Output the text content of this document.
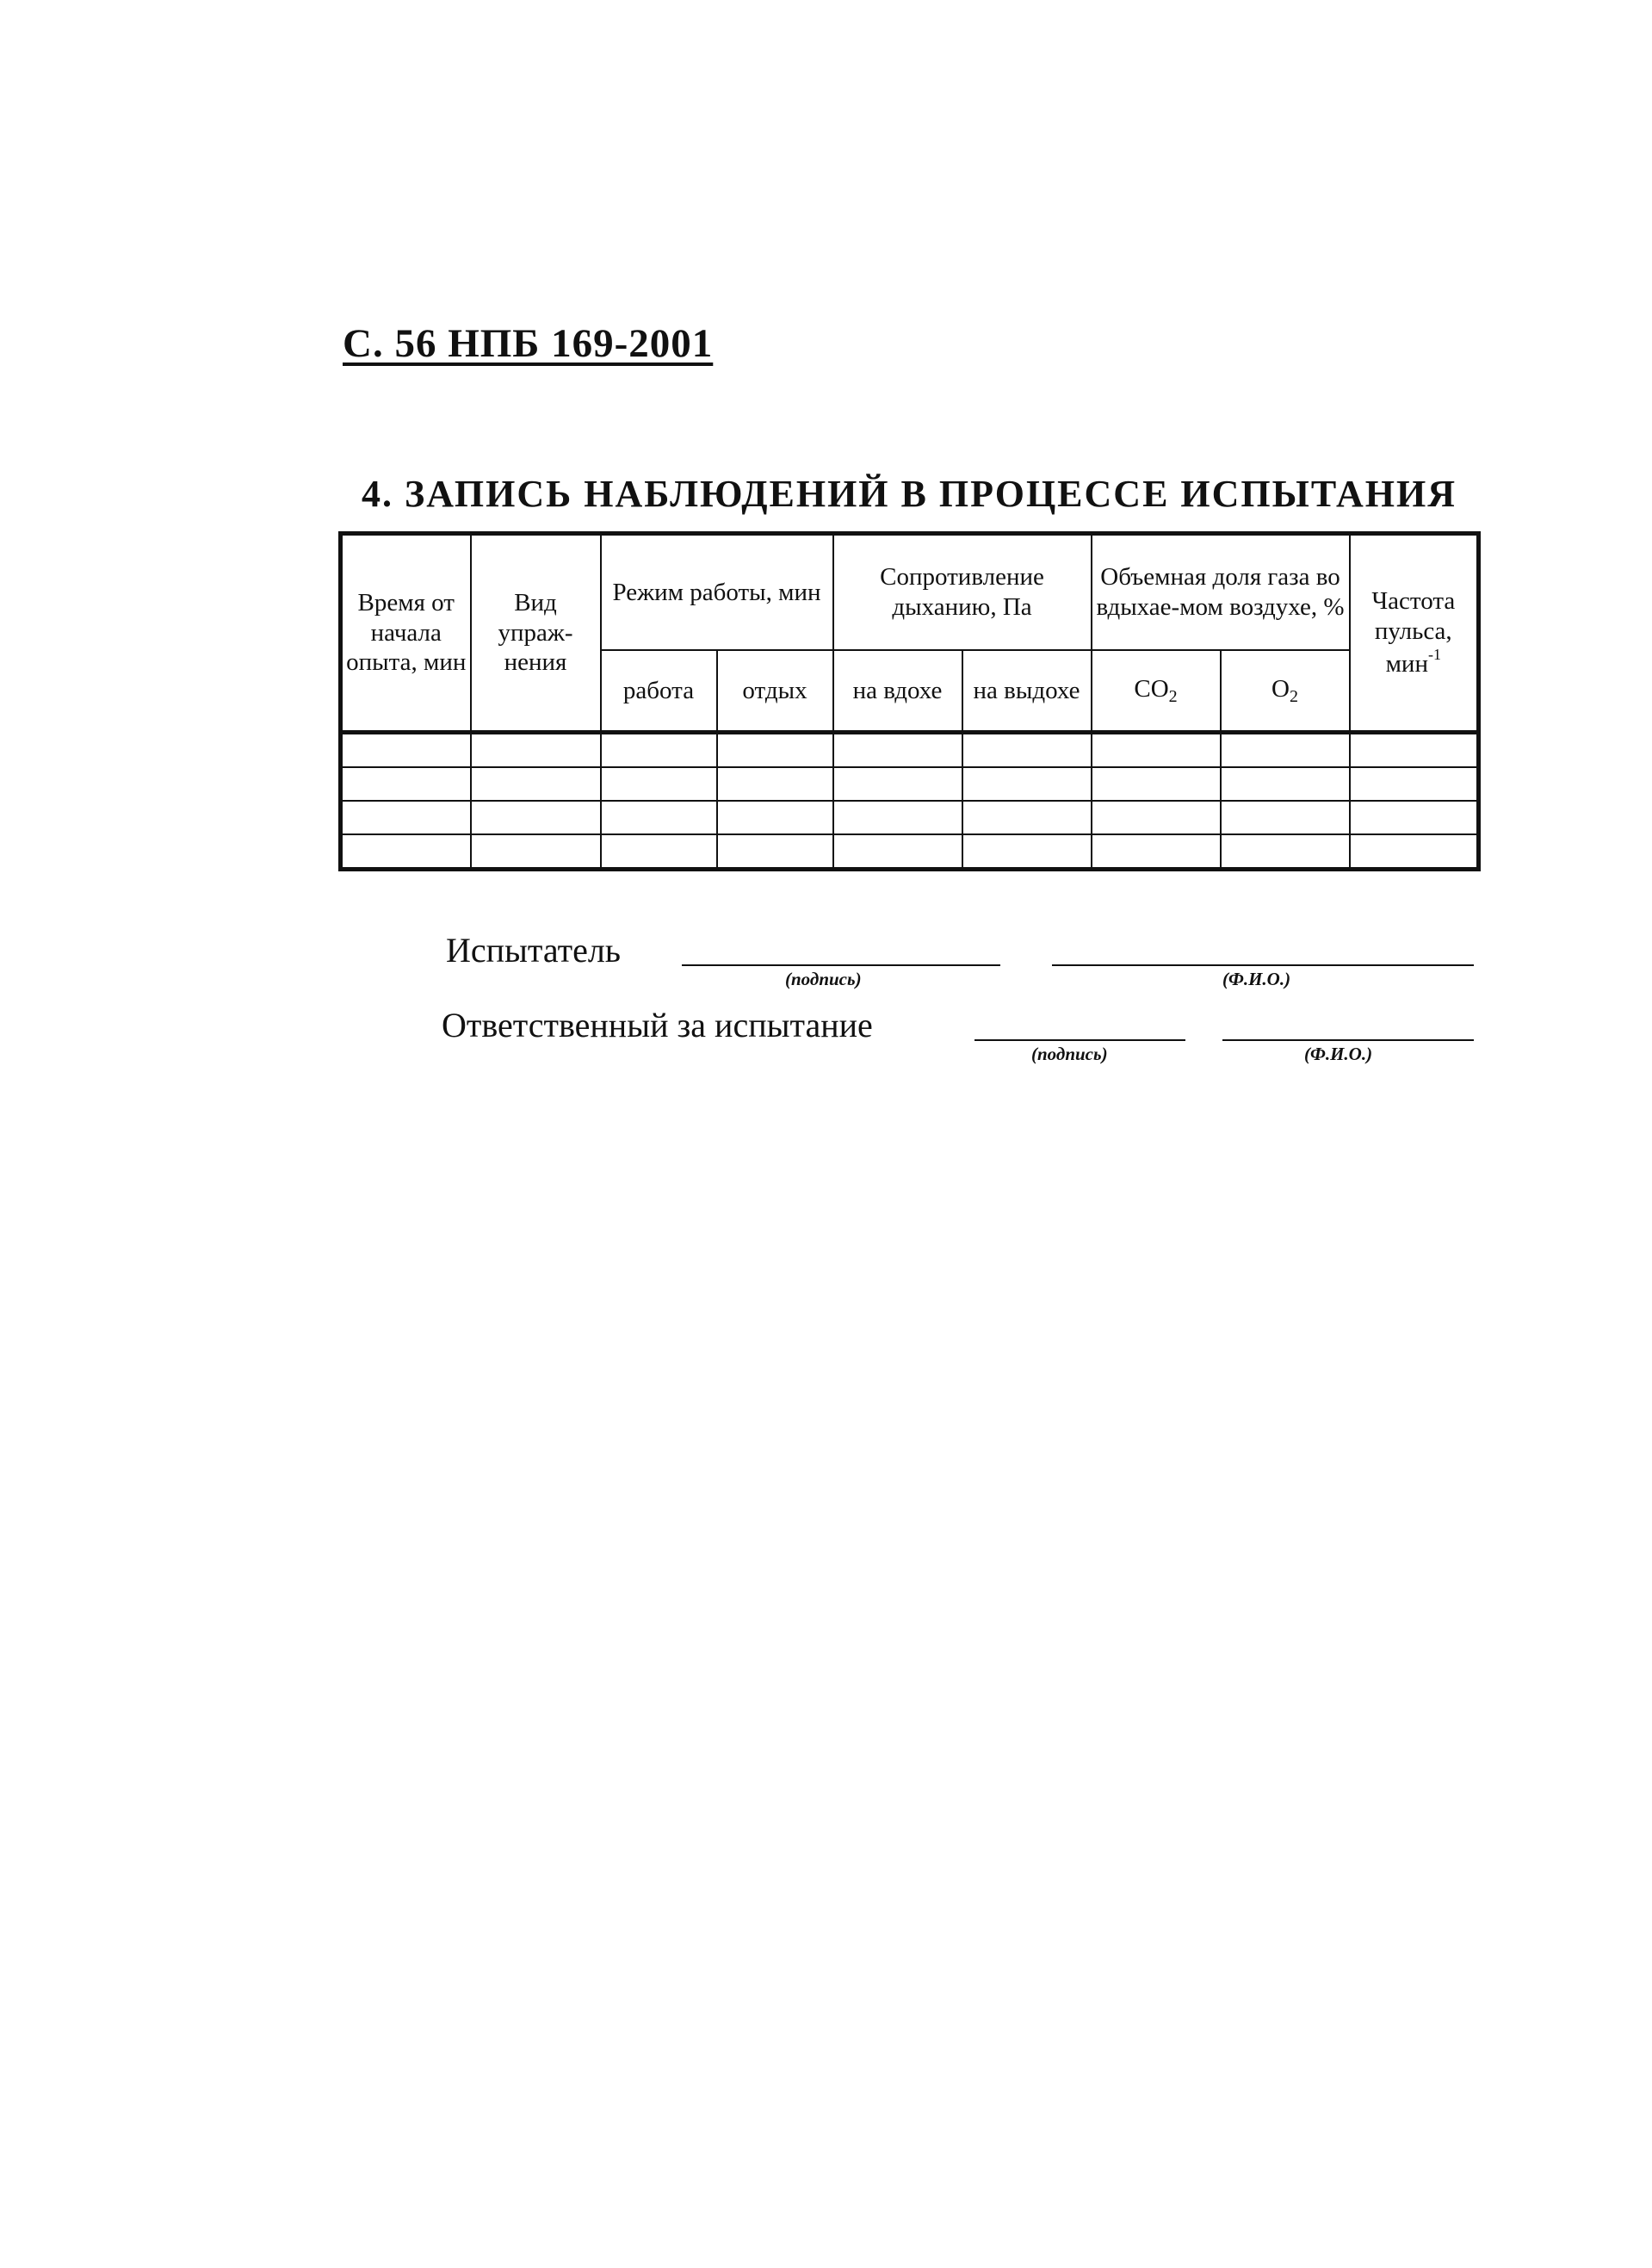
С. 56 НПБ 169-2001
4. ЗАПИСЬ НАБЛЮДЕНИЙ В ПРОЦЕССЕ ИСПЫТАНИЯ
Время от начала опыта, мин	Вид упраж-нения	Режим работы, мин		Сопротивление дыханию, Па		Объемная доля газа во вдыхае-мом воздухе, %		Частота пульса, мин$^{-1}$
		работа	отдых	на вдохе	на выдохе	$CO_2$	$O_2$

Испытатель
(подпись)	(Ф.И.О.)
Ответственный за испытание
(подпись)	(Ф.И.О.)
